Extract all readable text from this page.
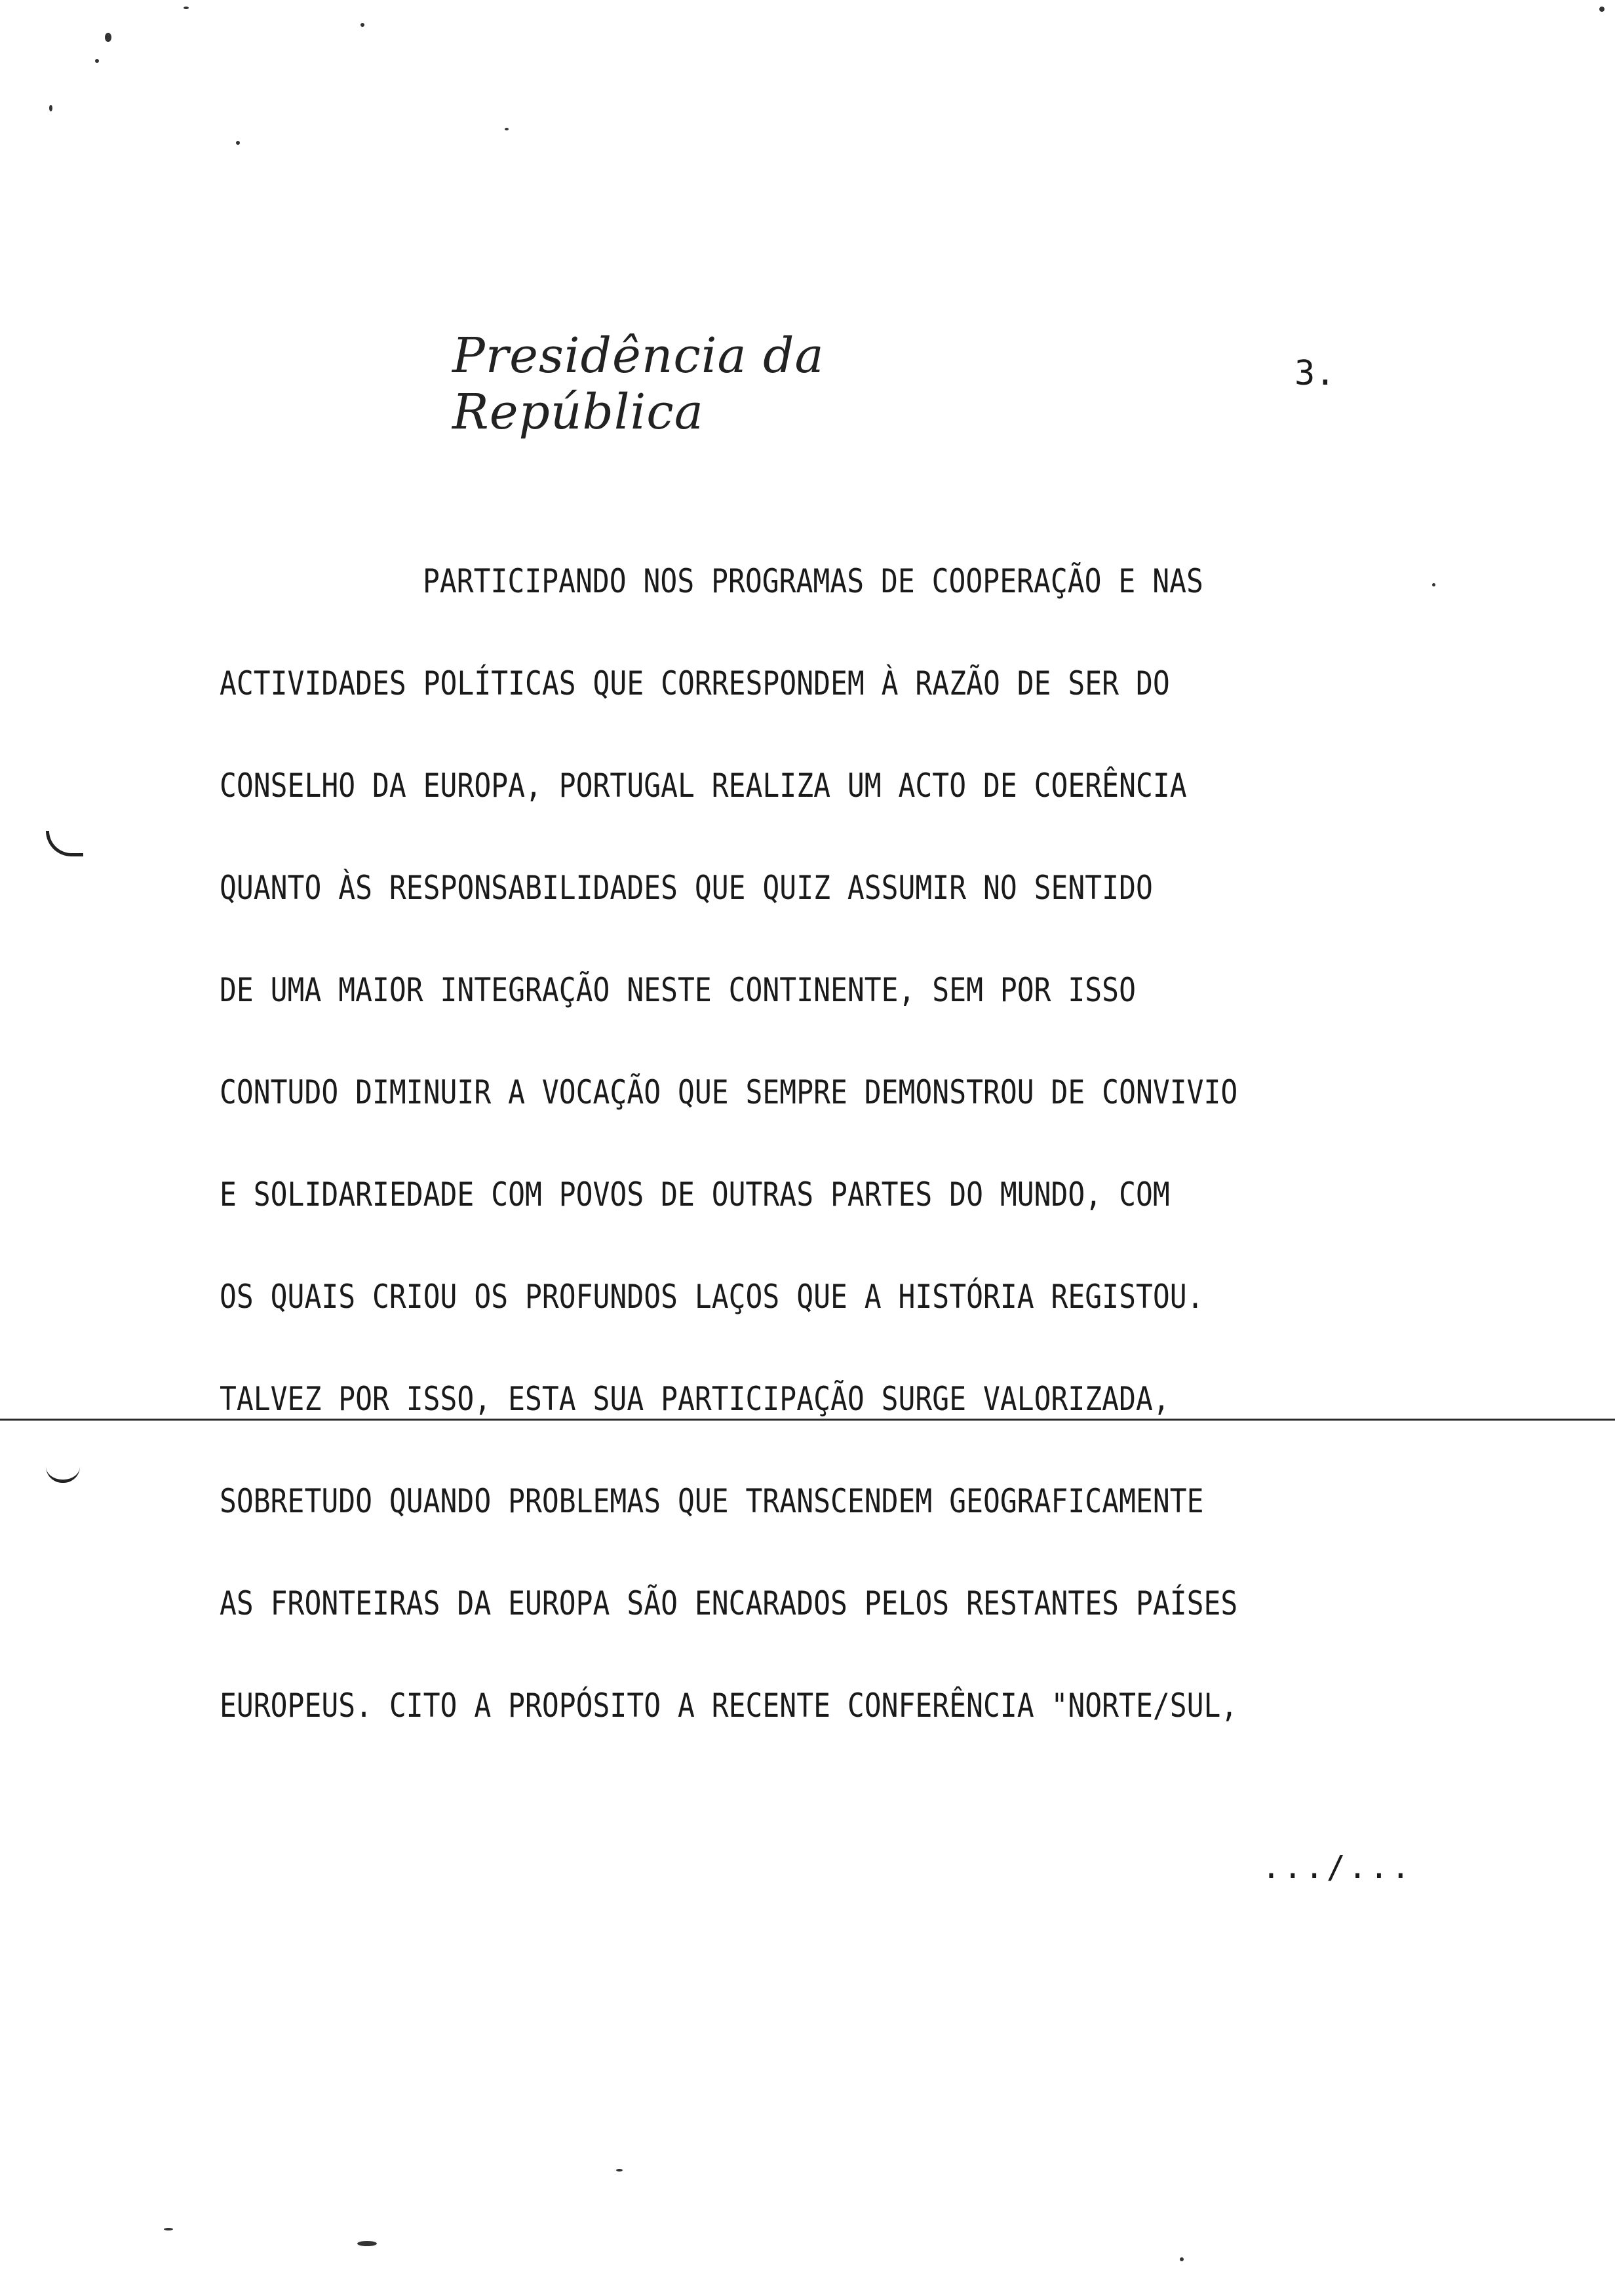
Presidência da República
3.
PARTICIPANDO NOS PROGRAMAS DE COOPERAÇÃO E NAS
ACTIVIDADES POLÍTICAS QUE CORRESPONDEM À RAZÃO DE SER DO
CONSELHO DA EUROPA, PORTUGAL REALIZA UM ACTO DE COERÊNCIA
QUANTO ÀS RESPONSABILIDADES QUE QUIZ ASSUMIR NO SENTIDO
DE UMA MAIOR INTEGRAÇÃO NESTE CONTINENTE, SEM POR ISSO
CONTUDO DIMINUIR A VOCAÇÃO QUE SEMPRE DEMONSTROU DE CONVIVIO
E SOLIDARIEDADE COM POVOS DE OUTRAS PARTES DO MUNDO, COM
OS QUAIS CRIOU OS PROFUNDOS LAÇOS QUE A HISTÓRIA REGISTOU.
TALVEZ POR ISSO, ESTA SUA PARTICIPAÇÃO SURGE VALORIZADA,
SOBRETUDO QUANDO PROBLEMAS QUE TRANSCENDEM GEOGRAFICAMENTE
AS FRONTEIRAS DA EUROPA SÃO ENCARADOS PELOS RESTANTES PAÍSES
EUROPEUS. CITO A PROPÓSITO A RECENTE CONFERÊNCIA "NORTE/SUL,
.../...
